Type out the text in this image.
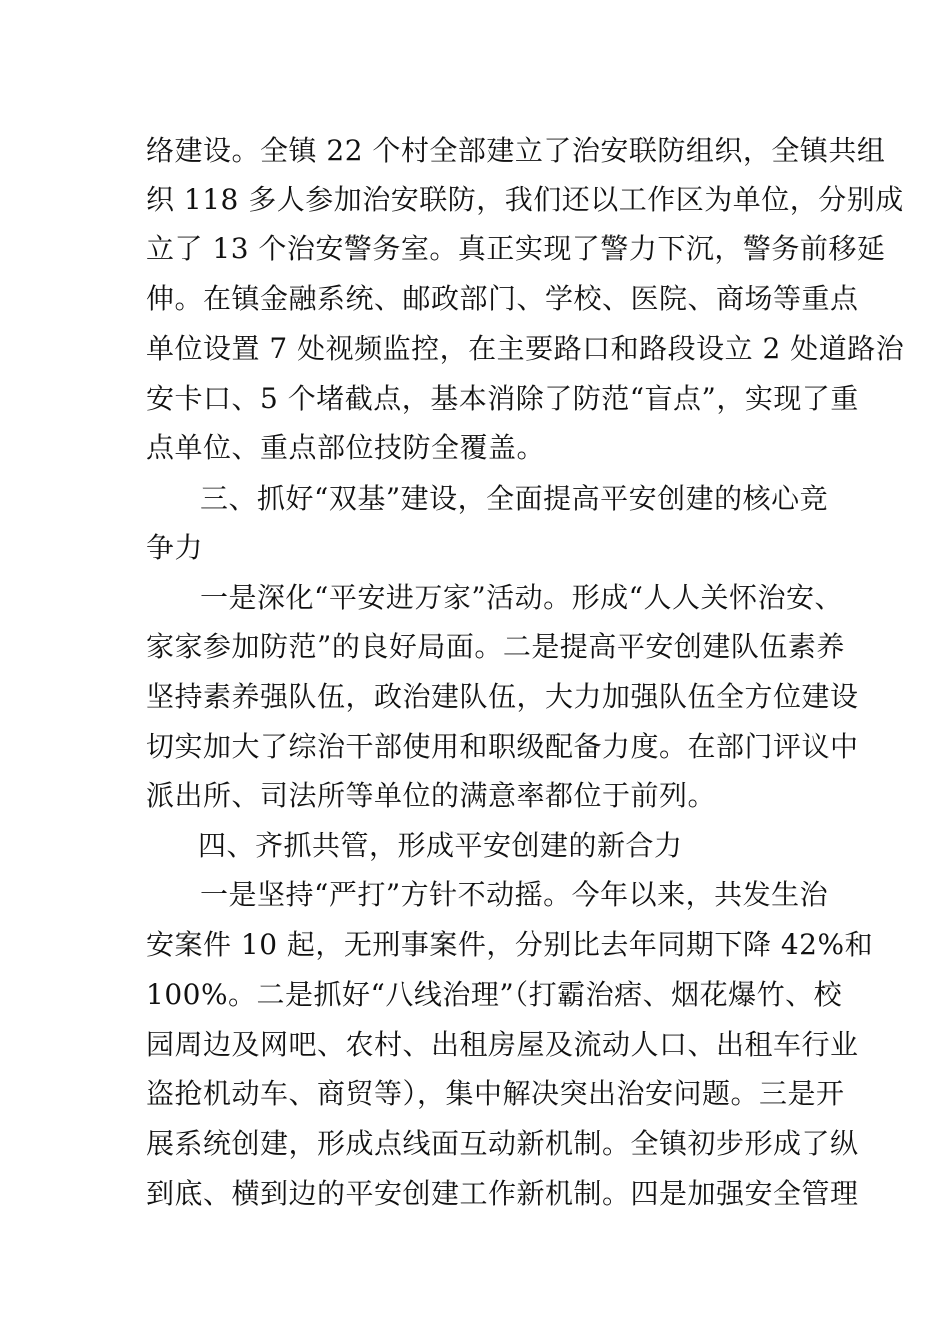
络建设。全镇 22 个村全部建立了治安联防组织，全镇共组
织 118 多人参加治安联防，我们还以工作区为单位，分别成
立了 13 个治安警务室。真正实现了警力下沉，警务前移延
伸。在镇金融系统、邮政部门、学校、医院、商场等重点
单位设置 7 处视频监控，在主要路口和路段设立 2 处道路治
安卡口、5 个堵截点，基本消除了防范“盲点”，实现了重
点单位、重点部位技防全覆盖。
三、抓好“双基”建设，全面提高平安创建的核心竞
争力
一是深化“平安进万家”活动。形成“人人关怀治安、
家家参加防范”的良好局面。二是提高平安创建队伍素养
坚持素养强队伍，政治建队伍，大力加强队伍全方位建设
切实加大了综治干部使用和职级配备力度。在部门评议中
派出所、司法所等单位的满意率都位于前列。
四、齐抓共管，形成平安创建的新合力
一是坚持“严打”方针不动摇。今年以来，共发生治
安案件 10 起，无刑事案件，分别比去年同期下降 42%和
100%。二是抓好“八线治理”（打霸治痞、烟花爆竹、校
园周边及网吧、农村、出租房屋及流动人口、出租车行业
盗抢机动车、商贸等），集中解决突出治安问题。三是开
展系统创建，形成点线面互动新机制。全镇初步形成了纵
到底、横到边的平安创建工作新机制。四是加强安全管理
